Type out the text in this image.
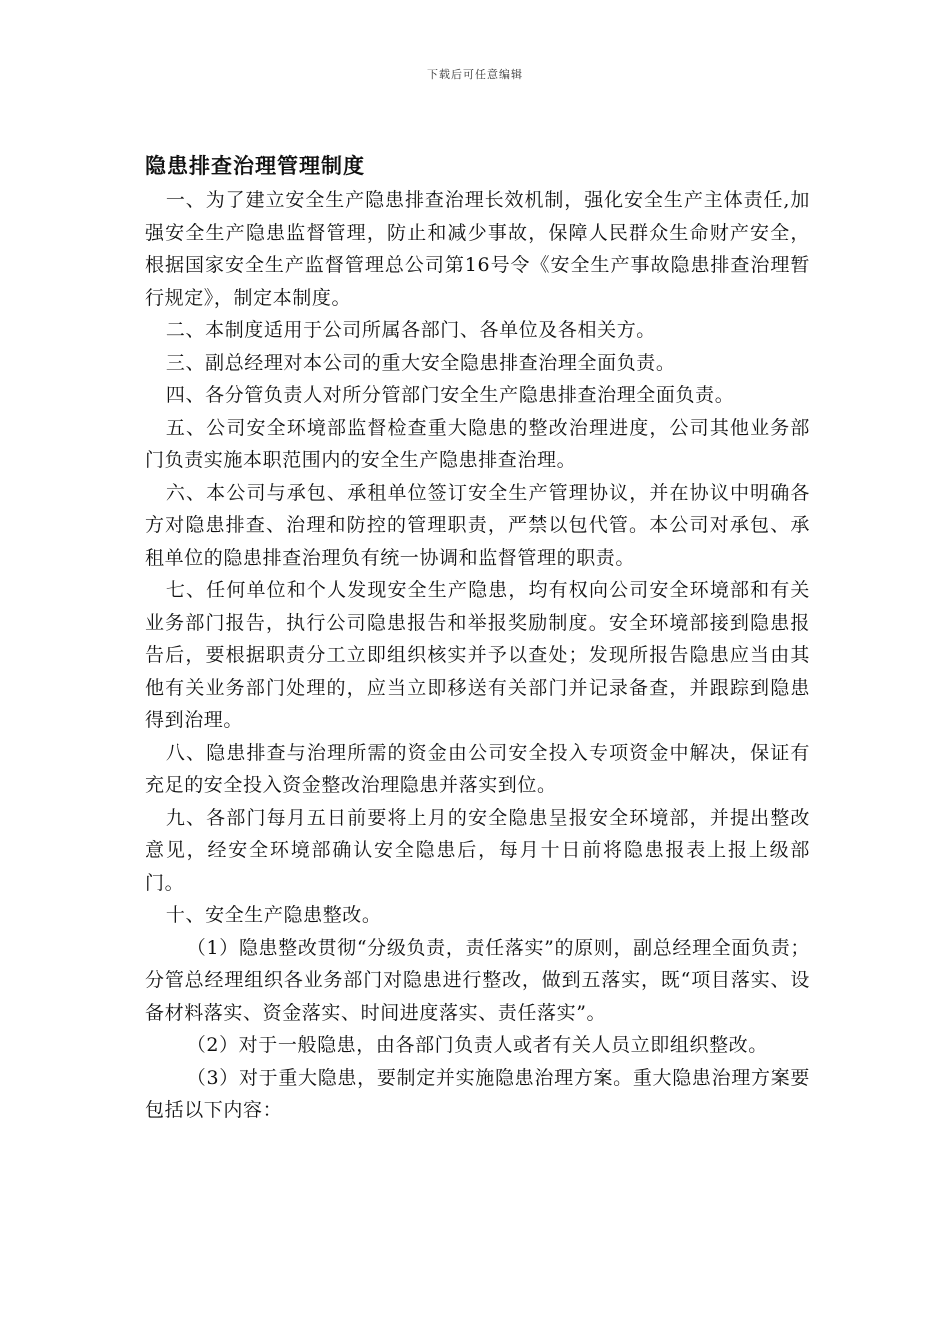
下载后可任意编辑
隐患排查治理管理制度

一、为了建立安全生产隐患排查治理长效机制，强化安全生产主体责任,加强安全生产隐患监督管理，防止和减少事故，保障人民群众生命财产安全，根据国家安全生产监督管理总公司第16号令《安全生产事故隐患排查治理暂行规定》，制定本制度。

二、本制度适用于公司所属各部门、各单位及各相关方。

三、副总经理对本公司的重大安全隐患排查治理全面负责。

四、各分管负责人对所分管部门安全生产隐患排查治理全面负责。

五、公司安全环境部监督检查重大隐患的整改治理进度，公司其他业务部门负责实施本职范围内的安全生产隐患排查治理。

六、本公司与承包、承租单位签订安全生产管理协议，并在协议中明确各方对隐患排查、治理和防控的管理职责，严禁以包代管。本公司对承包、承租单位的隐患排查治理负有统一协调和监督管理的职责。

七、任何单位和个人发现安全生产隐患，均有权向公司安全环境部和有关业务部门报告，执行公司隐患报告和举报奖励制度。安全环境部接到隐患报告后，要根据职责分工立即组织核实并予以查处；发现所报告隐患应当由其他有关业务部门处理的，应当立即移送有关部门并记录备查，并跟踪到隐患得到治理。

八、隐患排查与治理所需的资金由公司安全投入专项资金中解决，保证有充足的安全投入资金整改治理隐患并落实到位。

九、各部门每月五日前要将上月的安全隐患呈报安全环境部，并提出整改意见，经安全环境部确认安全隐患后，每月十日前将隐患报表上报上级部门。

十、安全生产隐患整改。

（1）隐患整改贯彻“分级负责，责任落实”的原则，副总经理全面负责；分管总经理组织各业务部门对隐患进行整改，做到五落实，既“项目落实、设备材料落实、资金落实、时间进度落实、责任落实”。

（2）对于一般隐患，由各部门负责人或者有关人员立即组织整改。

（3）对于重大隐患，要制定并实施隐患治理方案。重大隐患治理方案要包括以下内容：
